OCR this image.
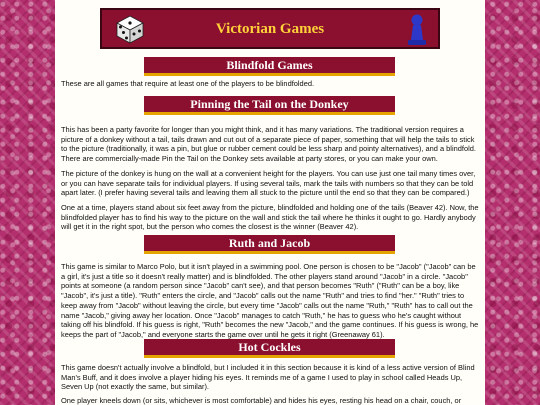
Victorian Games
Blindfold Games

These are all games that require at least one of the players to be blindfolded.

Pinning the Tail on the Donkey

This has been a party favorite for longer than you might think, and it has many variations. The traditional version requires a picture of a donkey without a tail, tails drawn and cut out of a separate piece of paper, something that will help the tails to stick to the picture (traditionally, it was a pin, but glue or rubber cement could be less sharp and pointy alternatives), and a blindfold. There are commercially-made Pin the Tail on the Donkey sets available at party stores, or you can make your own.

The picture of the donkey is hung on the wall at a convenient height for the players. You can use just one tail many times over, or you can have separate tails for individual players. If using several tails, mark the tails with numbers so that they can be told apart later. (I prefer having several tails and leaving them all stuck to the picture until the end so that they can be compared.)

One at a time, players stand about six feet away from the picture, blindfolded and holding one of the tails (Beaver 42). Now, the blindfolded player has to find his way to the picture on the wall and stick the tail where he thinks it ought to go. Hardly anybody will get it in the right spot, but the person who comes the closest is the winner (Beaver 42).

Ruth and Jacob

This game is similar to Marco Polo, but it isn't played in a swimming pool. One person is chosen to be "Jacob" ("Jacob" can be a girl, it's just a title so it doesn't really matter) and is blindfolded. The other players stand around "Jacob" in a circle. "Jacob" points at someone (a random person since "Jacob" can't see), and that person becomes "Ruth" ("Ruth" can be a boy, like "Jacob", it's just a title). "Ruth" enters the circle, and "Jacob" calls out the name "Ruth" and tries to find "her." "Ruth" tries to keep away from "Jacob" without leaving the circle, but every time "Jacob" calls out the name "Ruth," "Ruth" has to call out the name "Jacob," giving away her location. Once "Jacob" manages to catch "Ruth," he has to guess who he's caught without taking off his blindfold. If his guess is right, "Ruth" becomes the new "Jacob," and the game continues. If his guess is wrong, he keeps the part of "Jacob," and everyone starts the game over until he gets it right (Greenaway 61).

Hot Cockles

This game doesn't actually involve a blindfold, but I included it in this section because it is kind of a less active version of Blind Man's Buff, and it does involve a player hiding his eyes. It reminds me of a game I used to play in school called Heads Up, Seven Up (not exactly the same, but similar).

One player kneels down (or sits, whichever is most comfortable) and hides his eyes, resting his head on a chair, couch, or
